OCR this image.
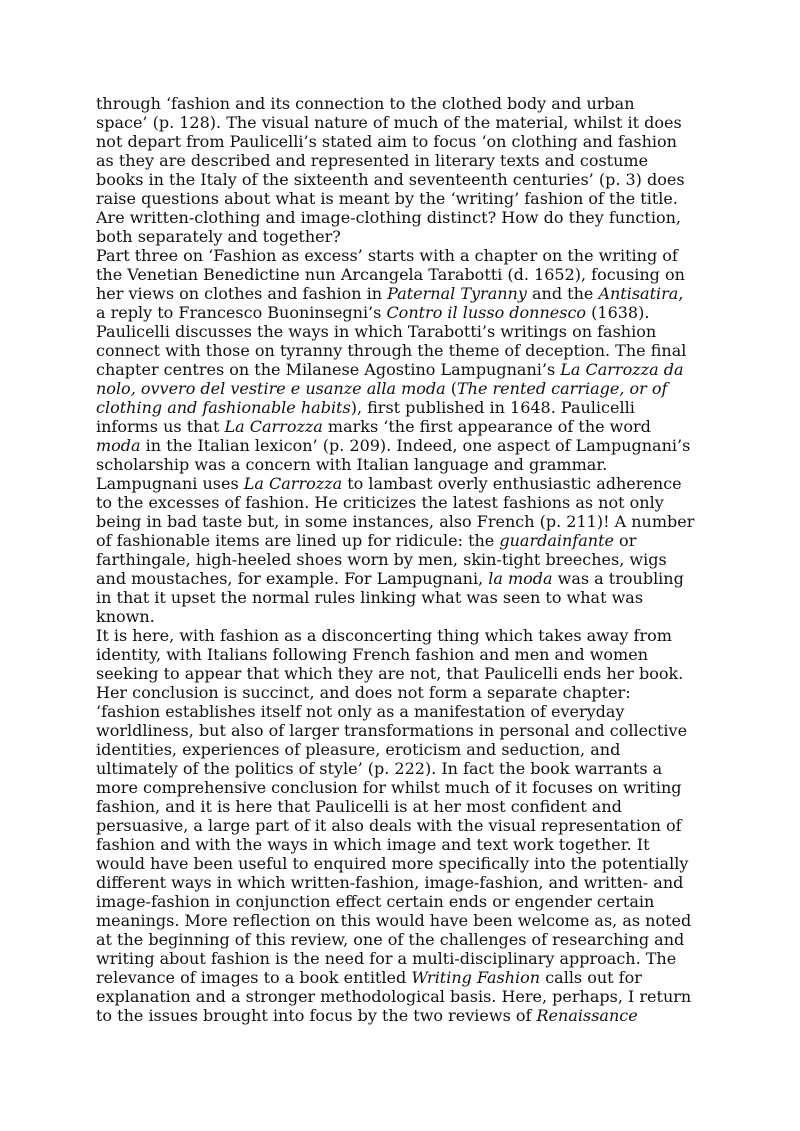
through ‘fashion and its connection to the clothed body and urban
space’ (p. 128). The visual nature of much of the material, whilst it does
not depart from Paulicelli’s stated aim to focus ‘on clothing and fashion
as they are described and represented in literary texts and costume
books in the Italy of the sixteenth and seventeenth centuries’ (p. 3) does
raise questions about what is meant by the ‘writing’ fashion of the title.
Are written-clothing and image-clothing distinct? How do they function,
both separately and together?
Part three on ‘Fashion as excess’ starts with a chapter on the writing of
the Venetian Benedictine nun Arcangela Tarabotti (d. 1652), focusing on
her views on clothes and fashion in Paternal Tyranny and the Antisatira,
a reply to Francesco Buoninsegni’s Contro il lusso donnesco (1638).
Paulicelli discusses the ways in which Tarabotti’s writings on fashion
connect with those on tyranny through the theme of deception. The final
chapter centres on the Milanese Agostino Lampugnani’s La Carrozza da
nolo, ovvero del vestire e usanze alla moda (The rented carriage, or of
clothing and fashionable habits), first published in 1648. Paulicelli
informs us that La Carrozza marks ‘the first appearance of the word
moda in the Italian lexicon’ (p. 209). Indeed, one aspect of Lampugnani’s
scholarship was a concern with Italian language and grammar.
Lampugnani uses La Carrozza to lambast overly enthusiastic adherence
to the excesses of fashion. He criticizes the latest fashions as not only
being in bad taste but, in some instances, also French (p. 211)! A number
of fashionable items are lined up for ridicule: the guardainfante or
farthingale, high-heeled shoes worn by men, skin-tight breeches, wigs
and moustaches, for example. For Lampugnani, la moda was a troubling
in that it upset the normal rules linking what was seen to what was
known.
It is here, with fashion as a disconcerting thing which takes away from
identity, with Italians following French fashion and men and women
seeking to appear that which they are not, that Paulicelli ends her book.
Her conclusion is succinct, and does not form a separate chapter:
‘fashion establishes itself not only as a manifestation of everyday
worldliness, but also of larger transformations in personal and collective
identities, experiences of pleasure, eroticism and seduction, and
ultimately of the politics of style’ (p. 222). In fact the book warrants a
more comprehensive conclusion for whilst much of it focuses on writing
fashion, and it is here that Paulicelli is at her most confident and
persuasive, a large part of it also deals with the visual representation of
fashion and with the ways in which image and text work together. It
would have been useful to enquired more specifically into the potentially
different ways in which written-fashion, image-fashion, and written- and
image-fashion in conjunction effect certain ends or engender certain
meanings. More reflection on this would have been welcome as, as noted
at the beginning of this review, one of the challenges of researching and
writing about fashion is the need for a multi-disciplinary approach. The
relevance of images to a book entitled Writing Fashion calls out for
explanation and a stronger methodological basis. Here, perhaps, I return
to the issues brought into focus by the two reviews of Renaissance
